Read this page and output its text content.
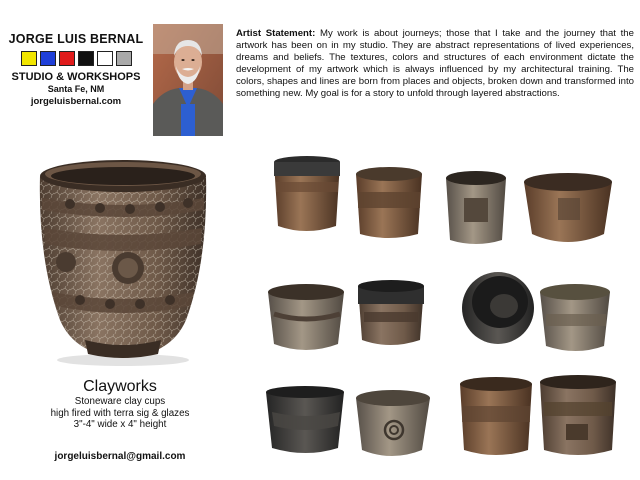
JORGE LUIS BERNAL
STUDIO & WORKSHOPS
Santa Fe, NM
jorgeluisbernal.com
Artist Statement: My work is about journeys; those that I take and the journey that the artwork has been on in my studio. They are abstract representations of lived experiences, dreams and beliefs. The textures, colors and structures of each environment dictate the development of my artwork which is always influenced by my architectural training. The colors, shapes and lines are born from places and objects, broken down and transformed into something new. My goal is for a story to unfold through layered abstractions.
Clayworks
Stoneware clay cups
high fired with terra sig & glazes
3"-4" wide x 4" height
jorgeluisbernal@gmail.com
